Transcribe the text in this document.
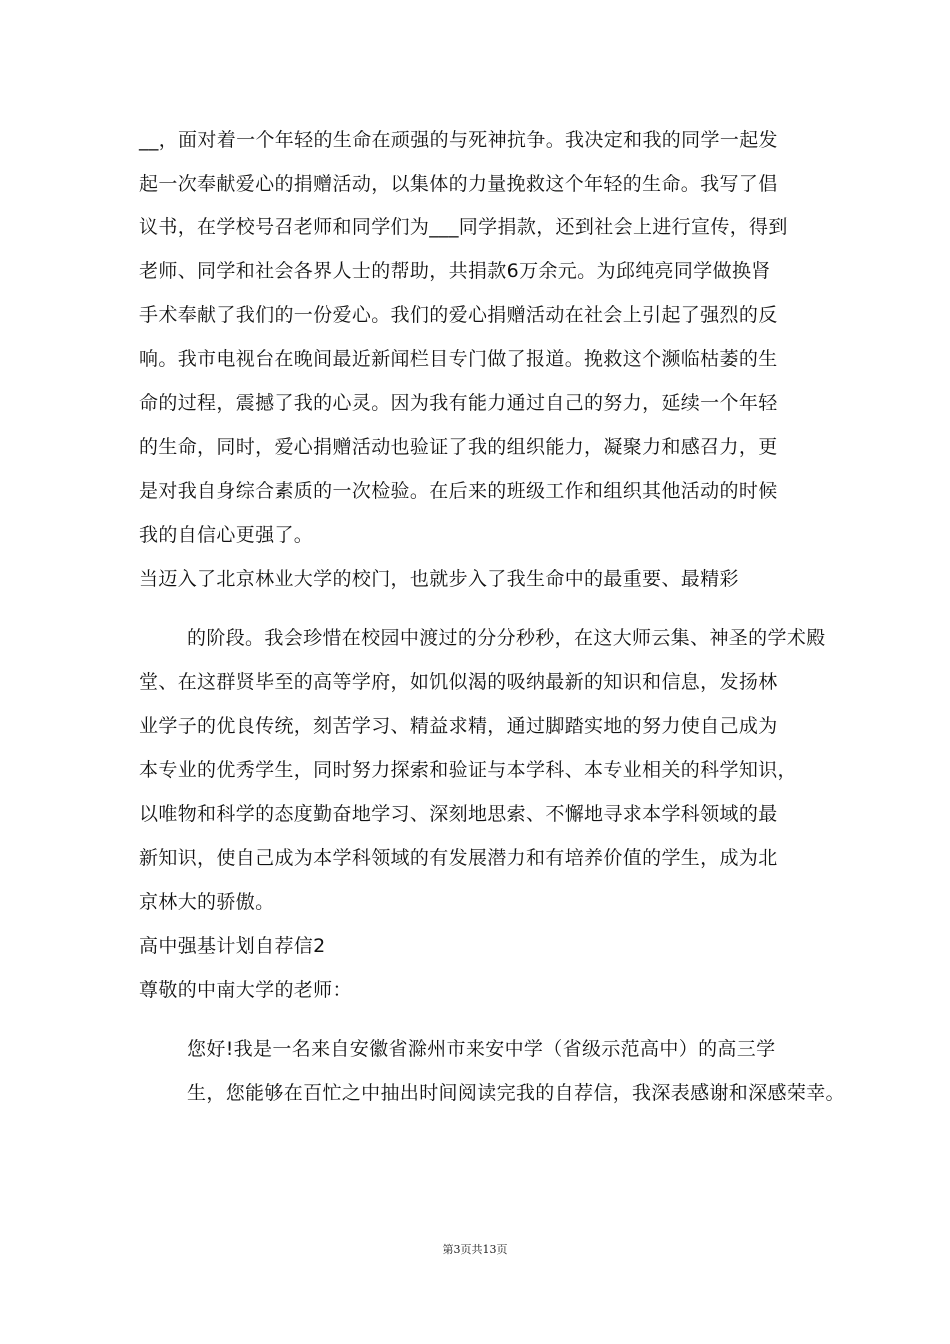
__，面对着一个年轻的生命在顽强的与死神抗争。我决定和我的同学一起发
起一次奉献爱心的捐赠活动，以集体的力量挽救这个年轻的生命。我写了倡
议书，在学校号召老师和同学们为___同学捐款，还到社会上进行宣传，得到
老师、同学和社会各界人士的帮助，共捐款6万余元。为邱纯亮同学做换肾
手术奉献了我们的一份爱心。我们的爱心捐赠活动在社会上引起了强烈的反
响。我市电视台在晚间最近新闻栏目专门做了报道。挽救这个濒临枯萎的生
命的过程，震撼了我的心灵。因为我有能力通过自己的努力，延续一个年轻
的生命，同时，爱心捐赠活动也验证了我的组织能力，凝聚力和感召力，更
是对我自身综合素质的一次检验。在后来的班级工作和组织其他活动的时候
我的自信心更强了。
当迈入了北京林业大学的校门，也就步入了我生命中的最重要、最精彩
的阶段。我会珍惜在校园中渡过的分分秒秒，在这大师云集、神圣的学术殿
堂、在这群贤毕至的高等学府，如饥似渴的吸纳最新的知识和信息，发扬林
业学子的优良传统，刻苦学习、精益求精，通过脚踏实地的努力使自己成为
本专业的优秀学生，同时努力探索和验证与本学科、本专业相关的科学知识，
以唯物和科学的态度勤奋地学习、深刻地思索、不懈地寻求本学科领域的最
新知识，使自己成为本学科领域的有发展潜力和有培养价值的学生，成为北
京林大的骄傲。
高中强基计划自荐信2
尊敬的中南大学的老师：
您好!我是一名来自安徽省滁州市来安中学（省级示范高中）的高三学
生，您能够在百忙之中抽出时间阅读完我的自荐信，我深表感谢和深感荣幸。
第3页共13页
